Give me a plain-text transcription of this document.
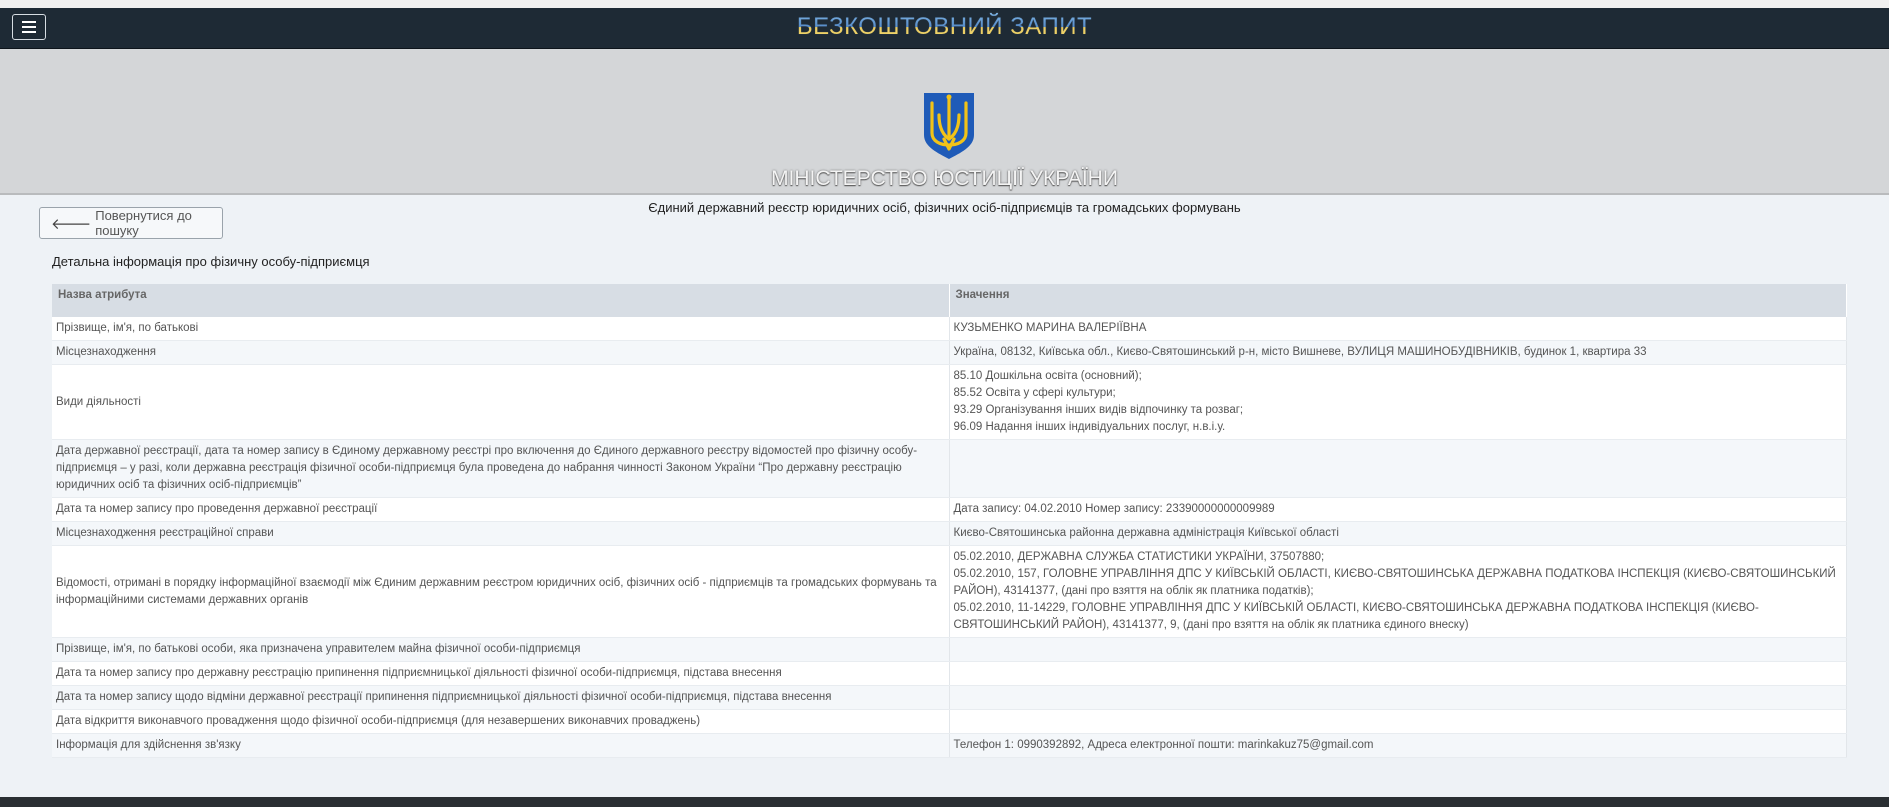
БЕЗКОШТОВНИЙ ЗАПИТ
МІНІСТЕРСТВО ЮСТИЦІЇ УКРАЇНИ
Єдиний державний реєстр юридичних осіб, фізичних осіб-підприємців та громадських формувань
🡐 Повернутися до пошуку
Детальна інформація про фізичну особу-підприємця
Назва атрибута	Значення
Прізвище, ім'я, по батькові	КУЗЬМЕНКО МАРИНА ВАЛЕРІЇВНА

Місцезнаходження	Україна, 08132, Київська обл., Києво-Святошинський р-н, місто Вишневе, ВУЛИЦЯ МАШИНОБУДІВНИКІВ, будинок 1, квартира 33

Види діяльності	85.10 Дошкільна освіта (основний);
85.52 Освіта у сфері культури;
93.29 Організування інших видів відпочинку та розваг;
96.09 Надання інших індивідуальних послуг, н.в.і.у.

Дата державної реєстрації, дата та номер запису в Єдиному державному реєстрі про включення до Єдиного державного реєстру відомостей про фізичну особу-підприємця – у разі, коли державна реєстрація фізичної особи-підприємця була проведена до набрання чинності Законом України “Про державну реєстрацію юридичних осіб та фізичних осіб-підприємців”	
Дата та номер запису про проведення державної реєстрації	Дата запису: 04.02.2010 Номер запису: 23390000000009989

Місцезнаходження реєстраційної справи	Києво-Святошинська районна державна адміністрація Київської області

Відомості, отримані в порядку інформаційної взаємодії між Єдиним державним реєстром юридичних осіб, фізичних осіб - підприємців та громадських формувань та інформаційними системами державних органів	05.02.2010, ДЕРЖАВНА СЛУЖБА СТАТИСТИКИ УКРАЇНИ, 37507880;
05.02.2010, 157, ГОЛОВНЕ УПРАВЛІННЯ ДПС У КИЇВСЬКІЙ ОБЛАСТІ, КИЄВО-СВЯТОШИНСЬКА ДЕРЖАВНА ПОДАТКОВА ІНСПЕКЦІЯ (КИЄВО-СВЯТОШИНСЬКИЙ РАЙОН), 43141377, (дані про взяття на облік як платника податків);
05.02.2010, 11-14229, ГОЛОВНЕ УПРАВЛІННЯ ДПС У КИЇВСЬКІЙ ОБЛАСТІ, КИЄВО-СВЯТОШИНСЬКА ДЕРЖАВНА ПОДАТКОВА ІНСПЕКЦІЯ (КИЄВО-СВЯТОШИНСЬКИЙ РАЙОН), 43141377, 9, (дані про взяття на облік як платника єдиного внеску)

Прізвище, ім'я, по батькові особи, яка призначена управителем майна фізичної особи-підприємця	
Дата та номер запису про державну реєстрацію припинення підприємницької діяльності фізичної особи-підприємця, підстава внесення	
Дата та номер запису щодо відміни державної реєстрації припинення підприємницької діяльності фізичної особи-підприємця, підстава внесення	
Дата відкриття виконавчого провадження щодо фізичної особи-підприємця (для незавершених виконавчих проваджень)	
Інформація для здійснення зв'язку	Телефон 1: 0990392892, Адреса електронної пошти: marinkakuz75@gmail.com
